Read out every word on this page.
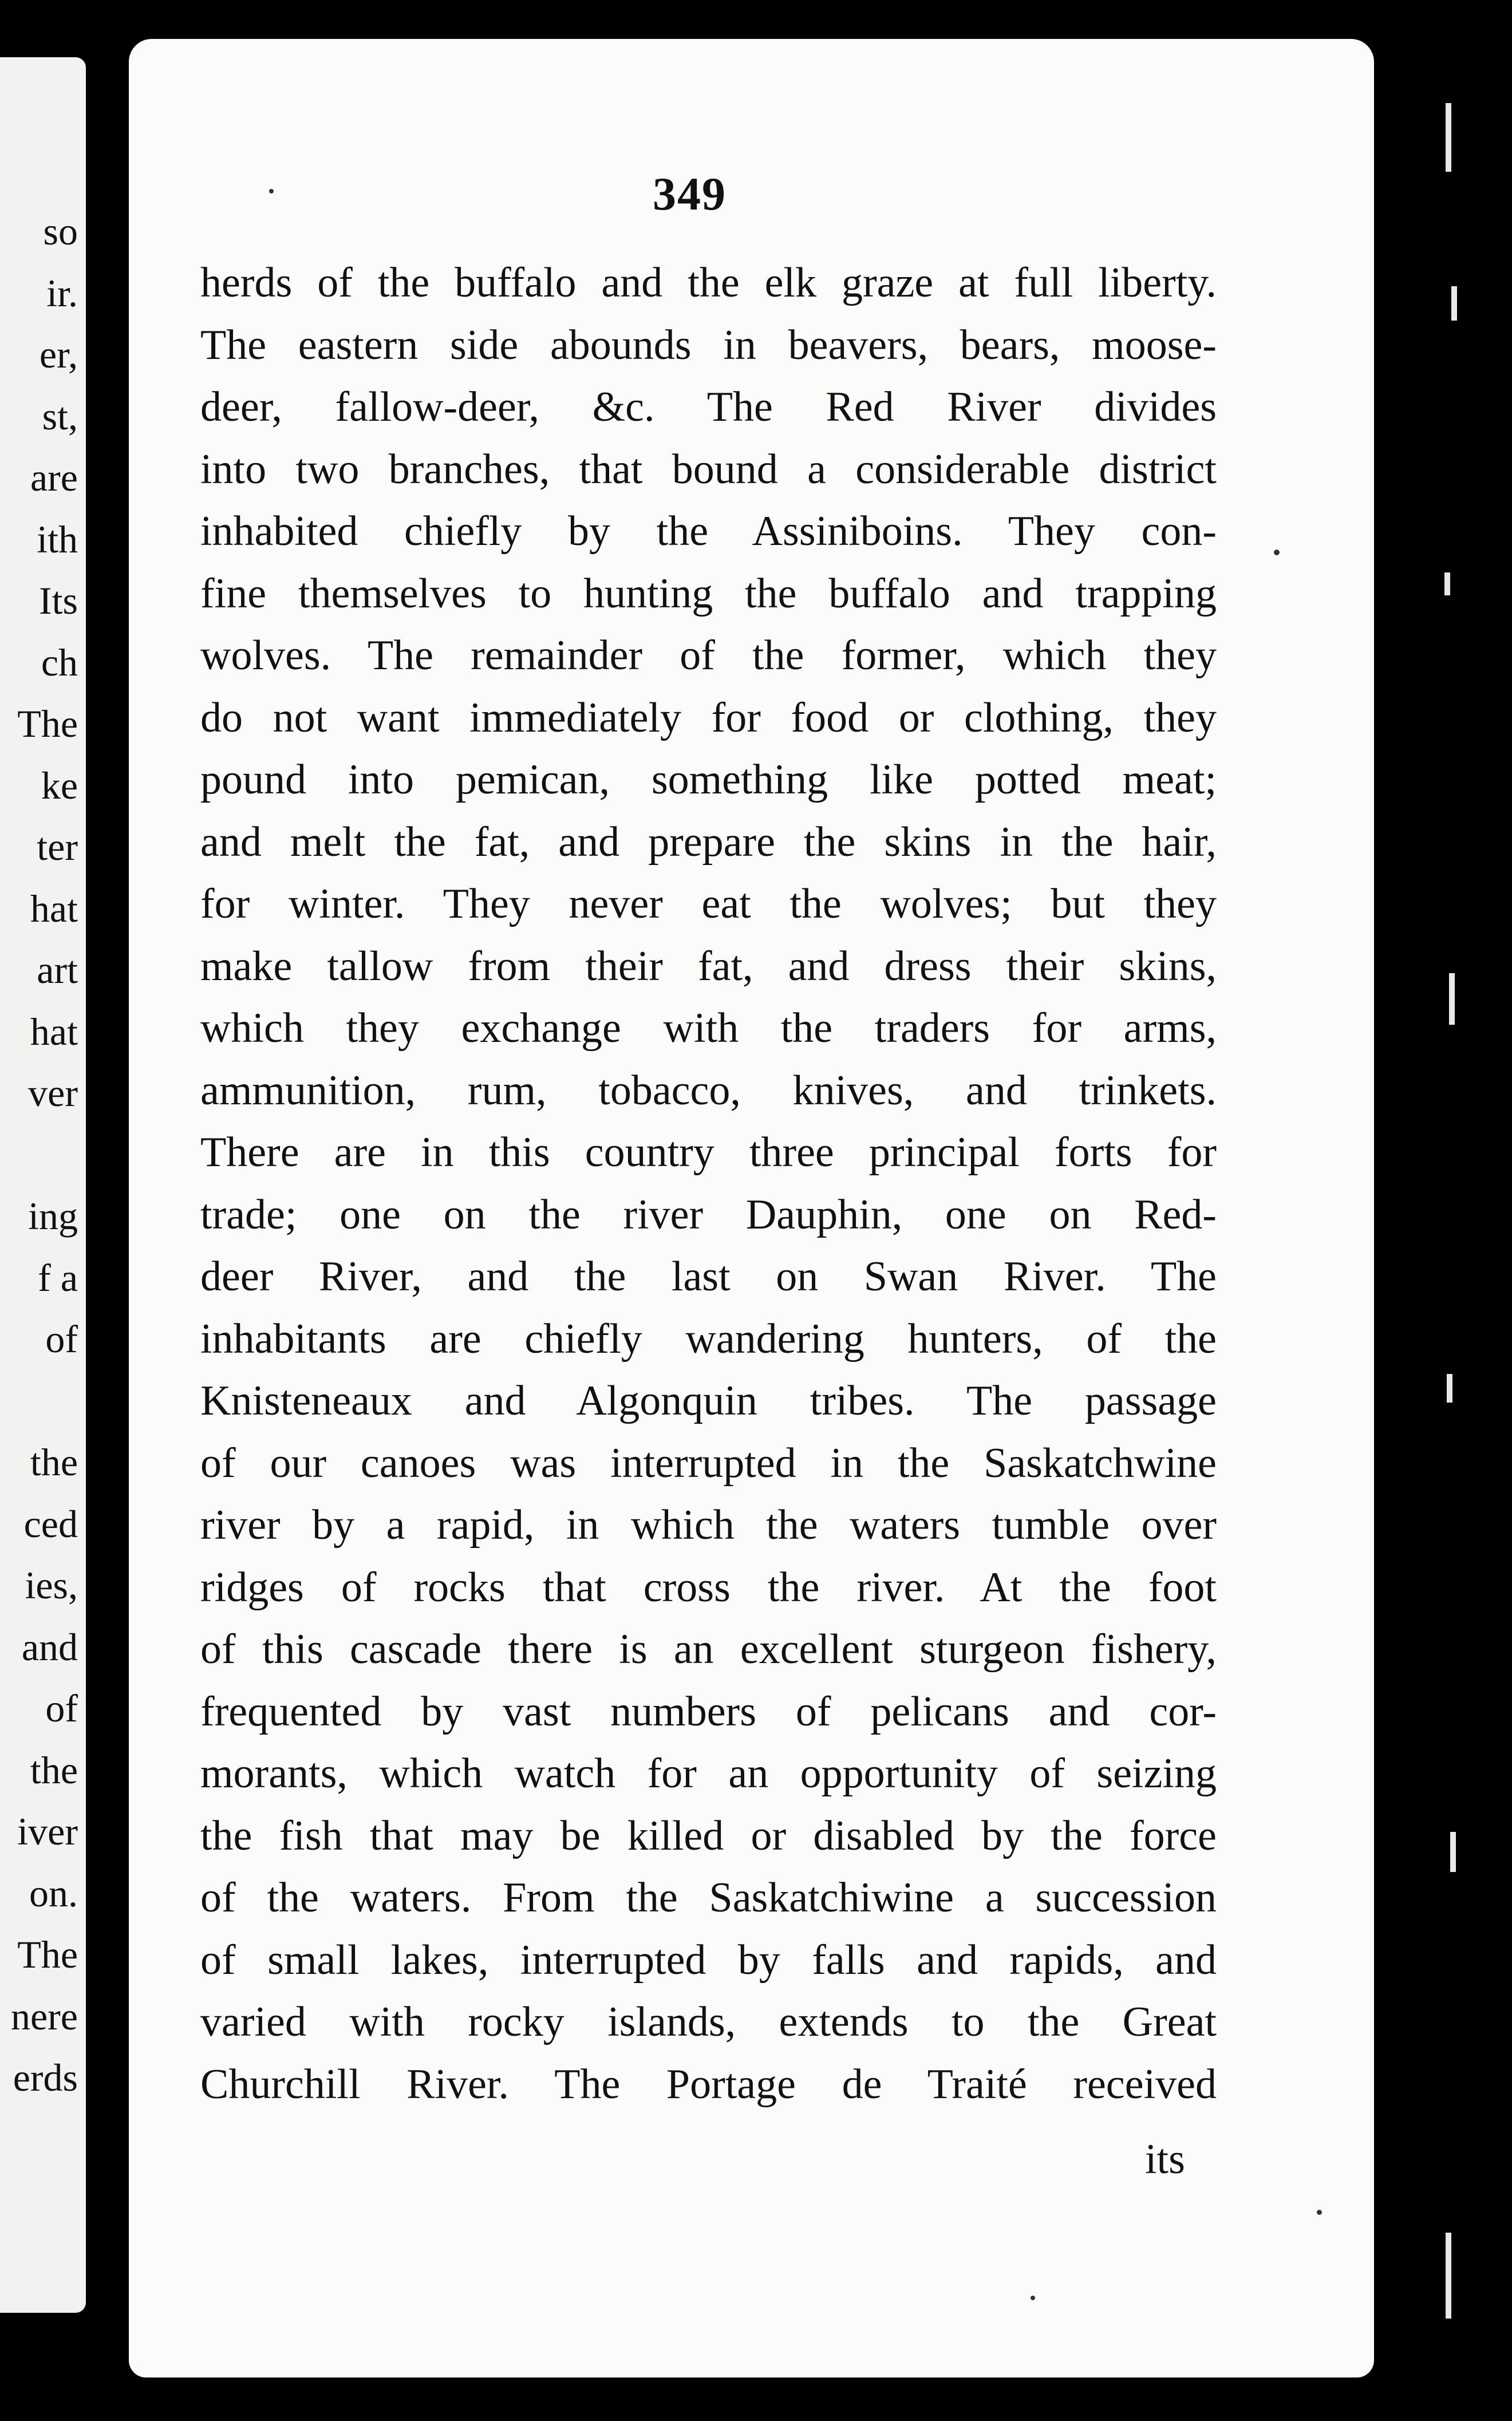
so
ir.
er,
st,
are
ith
Its
ch
The
ke
ter
hat
art
hat
ver
ing
f a
of
the
ced
ies,
and
of
the
iver
on.
The
nere
erds
349
herds of the buffalo and the elk graze at full liberty.
The eastern side abounds in beavers, bears, moose-
deer, fallow-deer, &c. The Red River divides
into two branches, that bound a considerable district
inhabited chiefly by the Assiniboins. They con-
fine themselves to hunting the buffalo and trapping
wolves. The remainder of the former, which they
do not want immediately for food or clothing, they
pound into pemican, something like potted meat;
and melt the fat, and prepare the skins in the hair,
for winter. They never eat the wolves; but they
make tallow from their fat, and dress their skins,
which they exchange with the traders for arms,
ammunition, rum, tobacco, knives, and trinkets.
There are in this country three principal forts for
trade; one on the river Dauphin, one on Red-
deer River, and the last on Swan River. The
inhabitants are chiefly wandering hunters, of the
Knisteneaux and Algonquin tribes. The passage
of our canoes was interrupted in the Saskatchwine
river by a rapid, in which the waters tumble over
ridges of rocks that cross the river. At the foot
of this cascade there is an excellent sturgeon fishery,
frequented by vast numbers of pelicans and cor-
morants, which watch for an opportunity of seizing
the fish that may be killed or disabled by the force
of the waters. From the Saskatchiwine a succession
of small lakes, interrupted by falls and rapids, and
varied with rocky islands, extends to the Great
Churchill River. The Portage de Traité received
its
